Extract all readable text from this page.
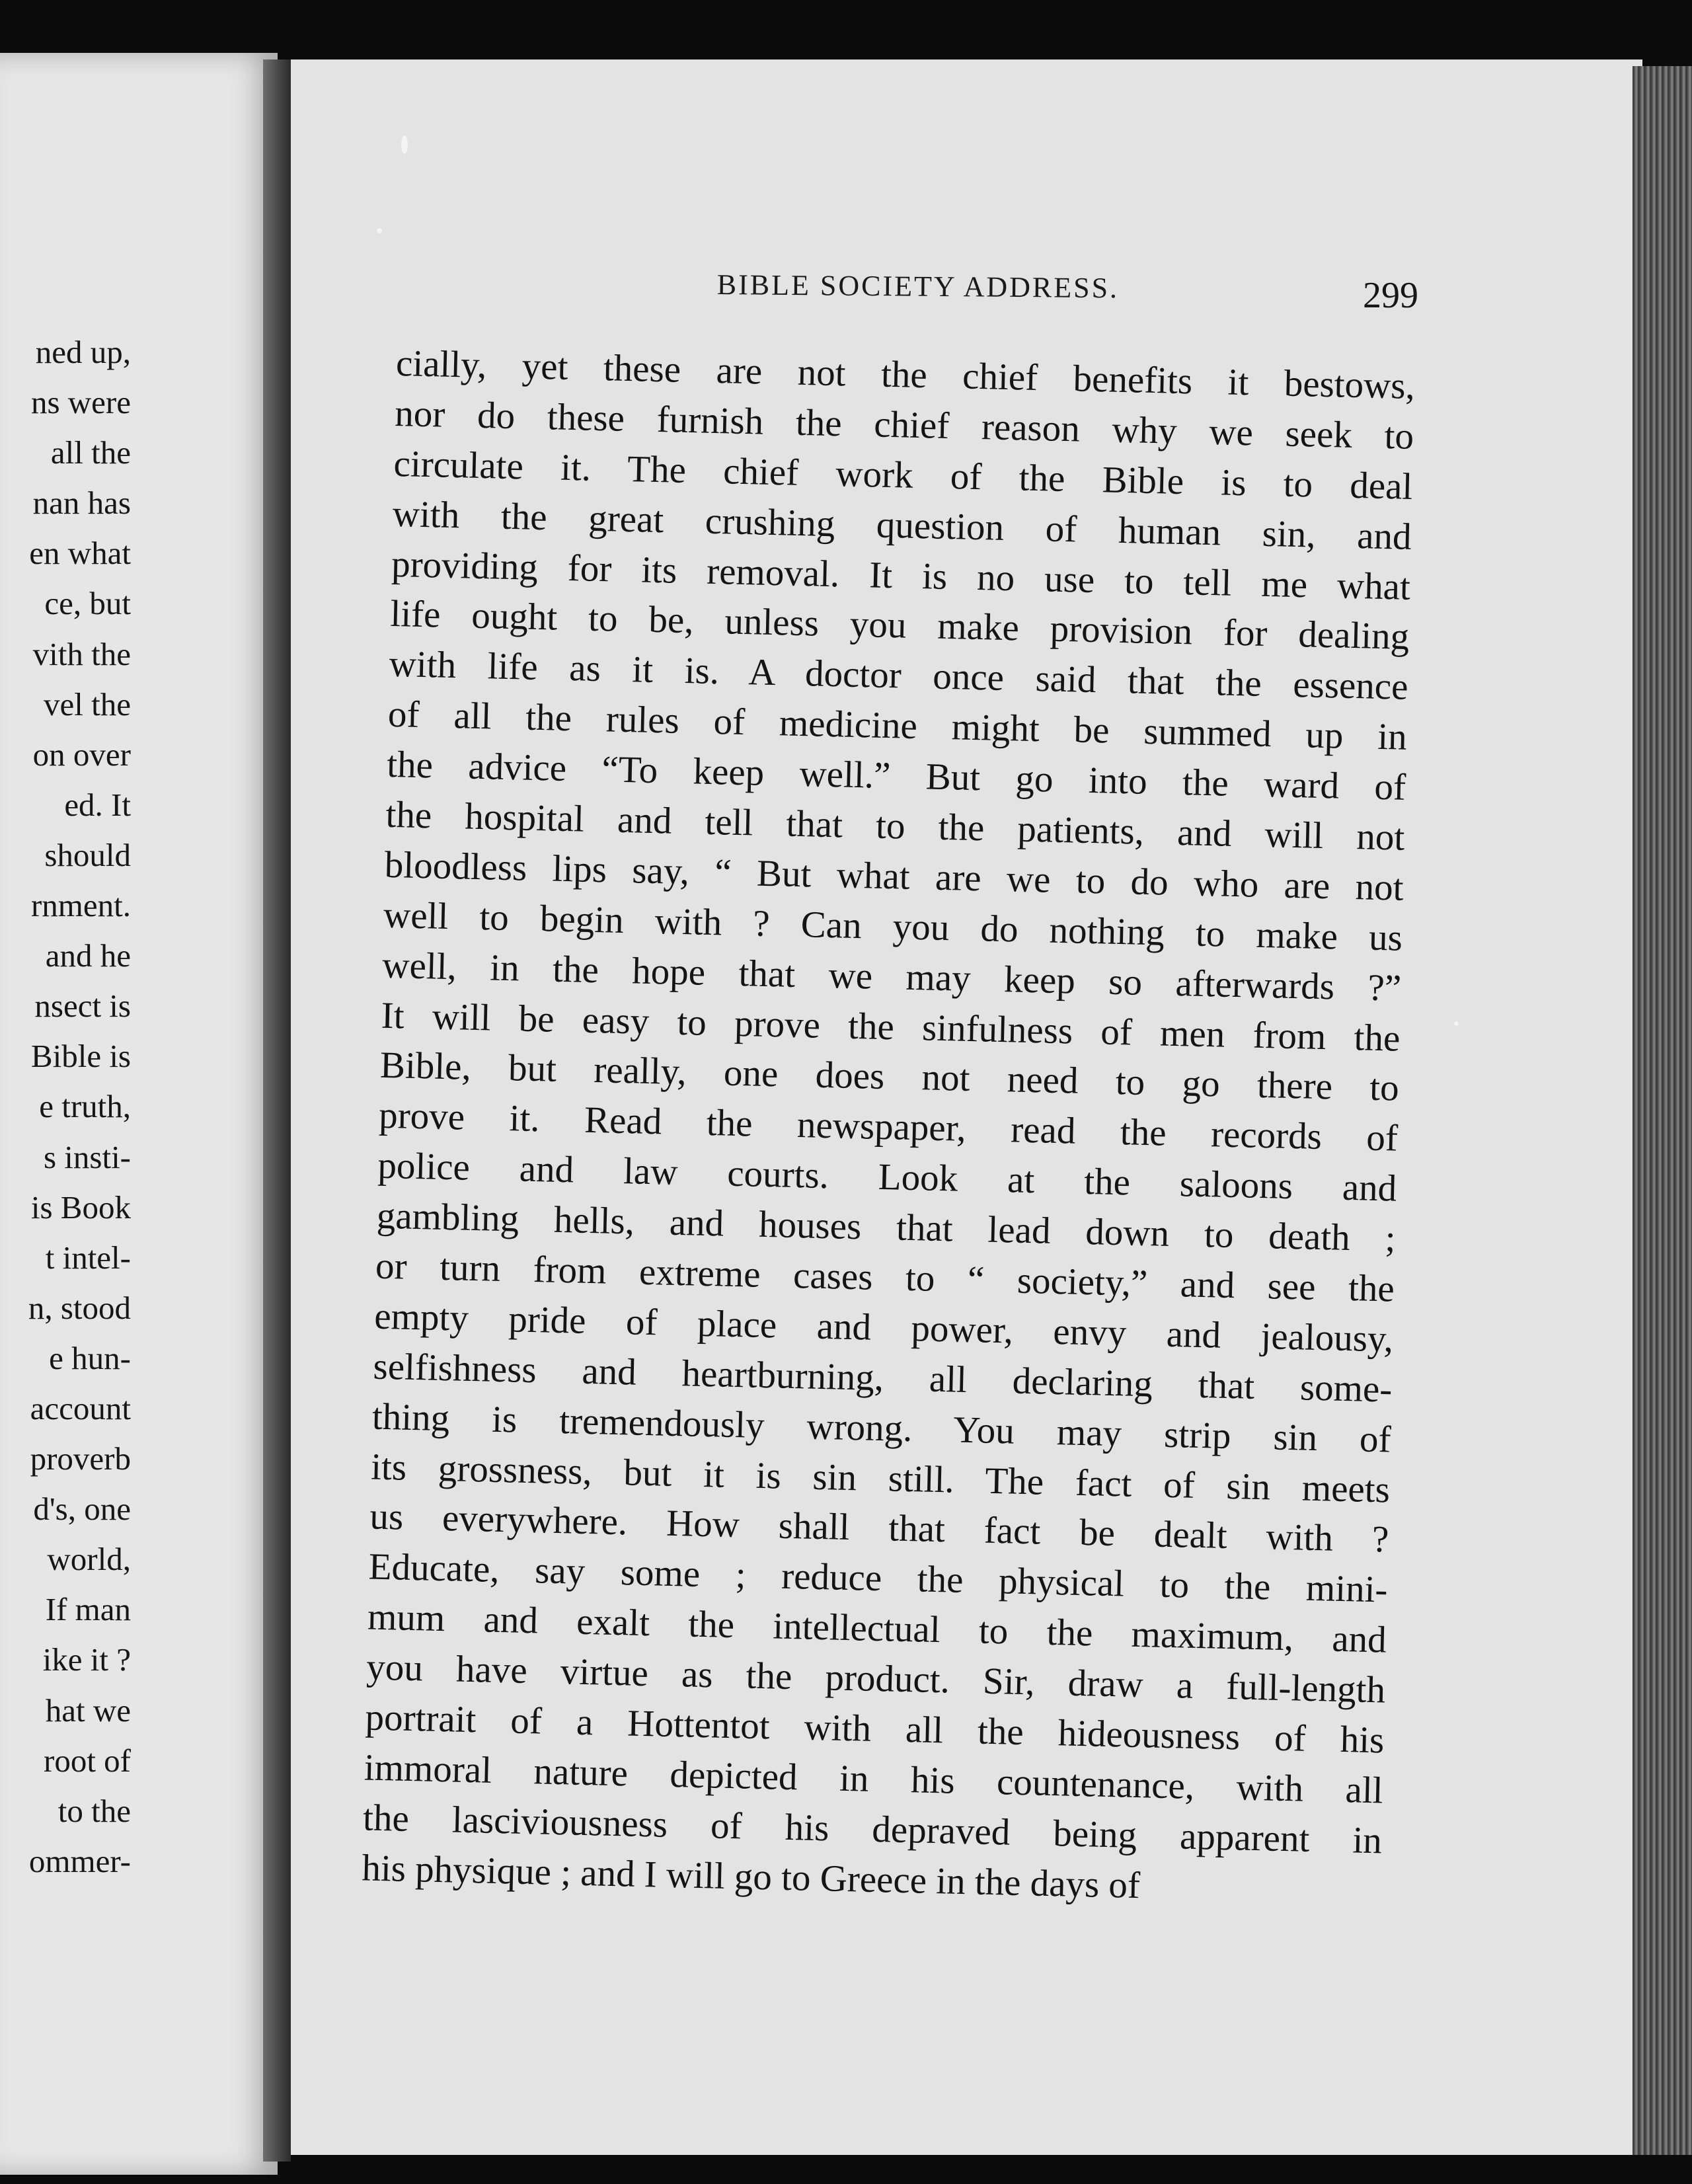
ned up,
ns were
all the
nan has
en what
ce, but
vith the
vel the
on over
ed. It
should
rnment.
and he
nsect is
Bible is
e truth,
s insti-
is Book
t intel-
n, stood
e hun-
account
proverb
d's, one
world,
If man
ike it ?
hat we
root of
to the
ommer-
BIBLE SOCIETY ADDRESS.	299
cially, yet these are not the chief benefits it bestows,
nor do these furnish the chief reason why we seek to
circulate it. The chief work of the Bible is to deal
with the great crushing question of human sin, and
providing for its removal. It is no use to tell me what
life ought to be, unless you make provision for dealing
with life as it is. A doctor once said that the essence
of all the rules of medicine might be summed up in
the advice “To keep well.” But go into the ward of
the hospital and tell that to the patients, and will not
bloodless lips say, “ But what are we to do who are not
well to begin with ? Can you do nothing to make us
well, in the hope that we may keep so afterwards ?”
It will be easy to prove the sinfulness of men from the
Bible, but really, one does not need to go there to
prove it. Read the newspaper, read the records of
police and law courts. Look at the saloons and
gambling hells, and houses that lead down to death ;
or turn from extreme cases to “ society,” and see the
empty pride of place and power, envy and jealousy,
selfishness and heartburning, all declaring that some-
thing is tremendously wrong. You may strip sin of
its grossness, but it is sin still. The fact of sin meets
us everywhere. How shall that fact be dealt with ?
Educate, say some ; reduce the physical to the mini-
mum and exalt the intellectual to the maximum, and
you have virtue as the product. Sir, draw a full-length
portrait of a Hottentot with all the hideousness of his
immoral nature depicted in his countenance, with all
the lasciviousness of his depraved being apparent in
his physique ; and I will go to Greece in the days of
